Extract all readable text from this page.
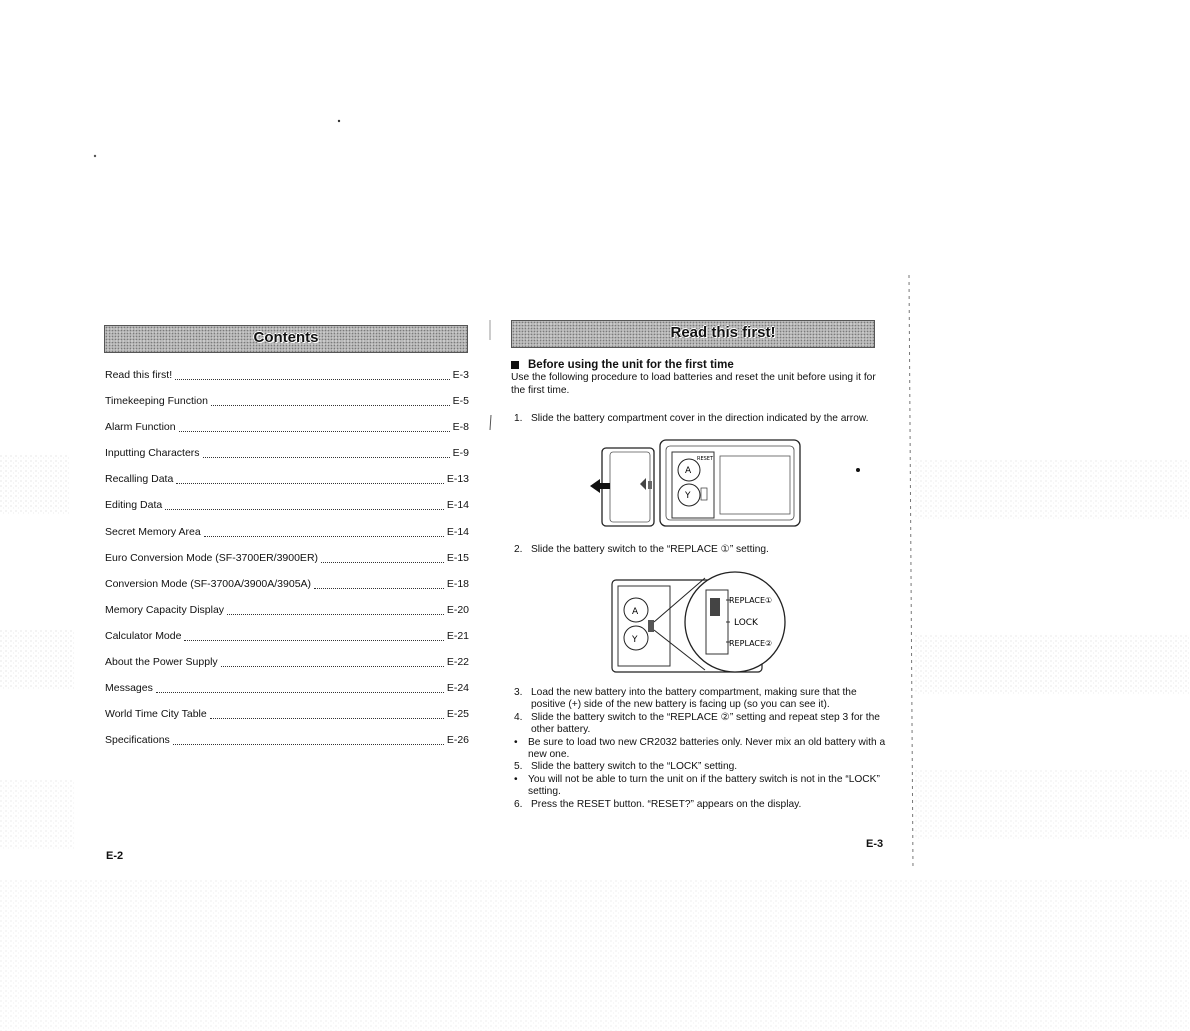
Contents
Read this first!	E-3
Timekeeping Function	E-5
Alarm Function	E-8
Inputting Characters	E-9
Recalling Data	E-13
Editing Data	E-14
Secret Memory Area	E-14
Euro Conversion Mode (SF-3700ER/3900ER)	E-15
Conversion Mode (SF-3700A/3900A/3905A)	E-18
Memory Capacity Display	E-20
Calculator Mode	E-21
About the Power Supply	E-22
Messages	E-24
World Time City Table	E-25
Specifications	E-26
E-2
Read this first!
Before using the unit for the first time
Use the following procedure to load batteries and reset the unit before using it for the first time.
1. Slide the battery compartment cover in the direction indicated by the arrow.
A
Y
RESET
2. Slide the battery switch to the “REPLACE ①” setting.
A
Y
REPLACE①
LOCK
REPLACE②
3. Load the new battery into the battery compartment, making sure that the positive (+) side of the new battery is facing up (so you can see it).
4. Slide the battery switch to the “REPLACE ②” setting and repeat step 3 for the other battery.
•	Be sure to load two new CR2032 batteries only. Never mix an old battery with a new one.
5. Slide the battery switch to the “LOCK” setting.
•	You will not be able to turn the unit on if the battery switch is not in the “LOCK” setting.
6. Press the RESET button. “RESET?” appears on the display.
E-3
